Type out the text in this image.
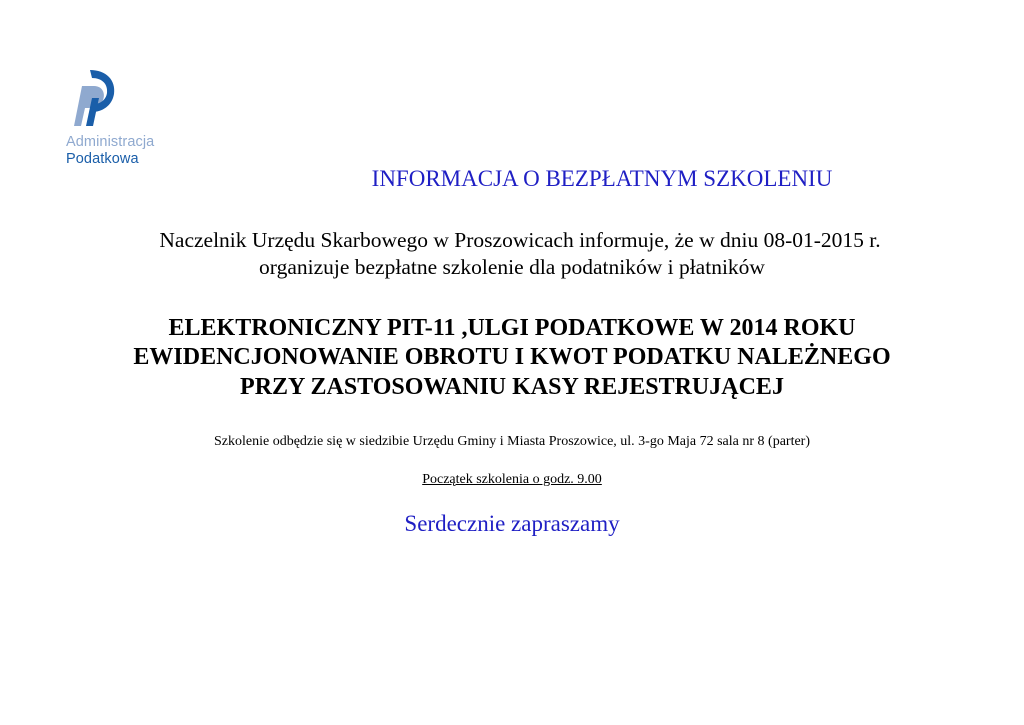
Administracja
Podatkowa
INFORMACJA O BEZPŁATNYM SZKOLENIU
Naczelnik Urzędu Skarbowego w Proszowicach informuje, że w dniu 08-01-2015 r.
organizuje bezpłatne szkolenie dla podatników i płatników
ELEKTRONICZNY PIT-11 ,ULGI PODATKOWE W 2014 ROKU
EWIDENCJONOWANIE OBROTU I KWOT PODATKU NALEŻNEGO
PRZY ZASTOSOWANIU KASY REJESTRUJĄCEJ
Szkolenie odbędzie się w siedzibie Urzędu Gminy i Miasta Proszowice, ul. 3-go Maja 72 sala nr 8 (parter)
Początek szkolenia o godz. 9.00
Serdecznie zapraszamy
